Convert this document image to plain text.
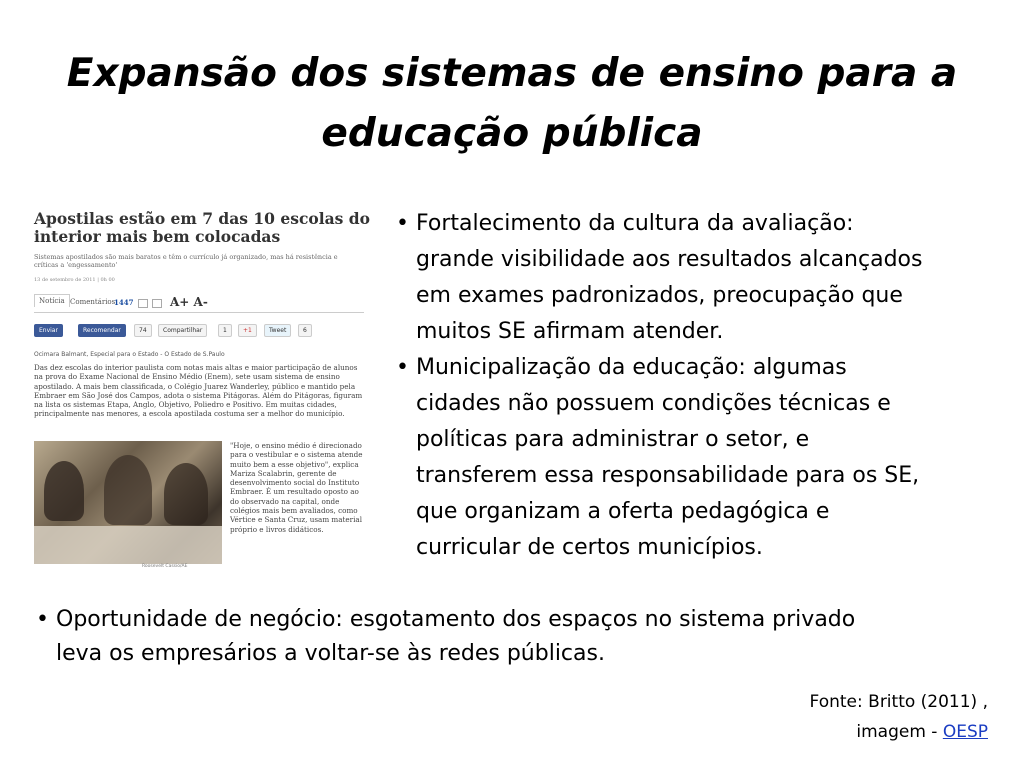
Expansão dos sistemas de ensino para a
educação pública
Apostilas estão em 7 das 10 escolas do
interior mais bem colocadas
Sistemas apostilados são mais baratos e têm o currículo já organizado, mas há resistência e críticas a 'engessamento'
13 de setembro de 2011 | 0h 00
Notícia Comentários
1447	A+ A-
Enviar	Recomendar	74	Compartilhar	1	+1	Tweet	6
Ocimara Balmant, Especial para o Estado - O Estado de S.Paulo
Das dez escolas do interior paulista com notas mais altas e maior participação de alunos na prova do Exame Nacional de Ensino Médio (Enem), sete usam sistema de ensino apostilado. A mais bem classificada, o Colégio Juarez Wanderley, público e mantido pela Embraer em São José dos Campos, adota o sistema Pitágoras. Além do Pitágoras, figuram na lista os sistemas Etapa, Anglo, Objetivo, Poliedro e Positivo. Em muitas cidades, principalmente nas menores, a escola apostilada costuma ser a melhor do município.
Roosevelt Cassio/AE
"Hoje, o ensino médio é direcionado para o vestibular e o sistema atende muito bem a esse objetivo", explica Mariza Scalabrin, gerente de desenvolvimento social do Instituto Embraer. É um resultado oposto ao do observado na capital, onde colégios mais bem avaliados, como Vértice e Santa Cruz, usam material próprio e livros didáticos.
• Fortalecimento da cultura da avaliação:
grande visibilidade aos resultados alcançados
em exames padronizados, preocupação que
muitos SE afirmam atender.
• Municipalização da educação: algumas
cidades não possuem condições técnicas e
políticas para administrar o setor, e
transferem essa responsabilidade para os SE,
que organizam a oferta pedagógica e
curricular de certos municípios.
• Oportunidade de negócio: esgotamento dos espaços no sistema privado
leva os empresários a voltar-se às redes públicas.
Fonte: Britto (2011) ,
imagem - OESP
